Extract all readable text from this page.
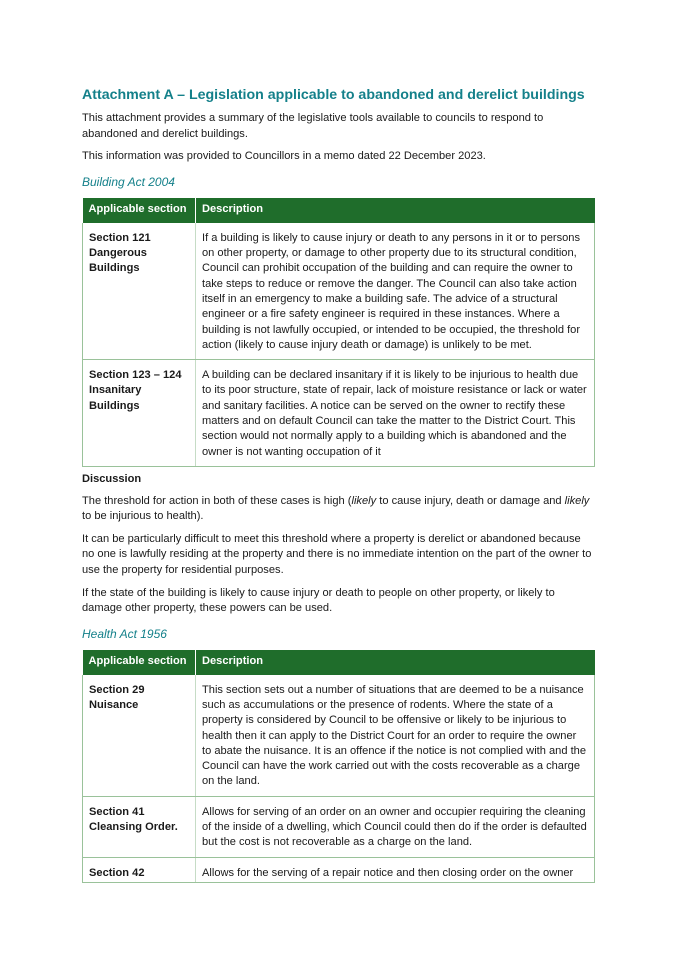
Attachment A – Legislation applicable to abandoned and derelict buildings

This attachment provides a summary of the legislative tools available to councils to respond to abandoned and derelict buildings.

This information was provided to Councillors in a memo dated 22 December 2023.

Building Act 2004

Applicable section	Description
Section 121 Dangerous Buildings	If a building is likely to cause injury or death to any persons in it or to persons on other property, or damage to other property due to its structural condition, Council can prohibit occupation of the building and can require the owner to take steps to reduce or remove the danger. The Council can also take action itself in an emergency to make a building safe. The advice of a structural engineer or a fire safety engineer is required in these instances. Where a building is not lawfully occupied, or intended to be occupied, the threshold for action (likely to cause injury death or damage) is unlikely to be met.
Section 123 – 124 Insanitary Buildings	A building can be declared insanitary if it is likely to be injurious to health due to its poor structure, state of repair, lack of moisture resistance or lack or water and sanitary facilities. A notice can be served on the owner to rectify these matters and on default Council can take the matter to the District Court. This section would not normally apply to a building which is abandoned and the owner is not wanting occupation of it

Discussion

The threshold for action in both of these cases is high (likely to cause injury, death or damage and likely to be injurious to health).

It can be particularly difficult to meet this threshold where a property is derelict or abandoned because no one is lawfully residing at the property and there is no immediate intention on the part of the owner to use the property for residential purposes.

If the state of the building is likely to cause injury or death to people on other property, or likely to damage other property, these powers can be used.

Health Act 1956

Applicable section	Description
Section 29 Nuisance	This section sets out a number of situations that are deemed to be a nuisance such as accumulations or the presence of rodents. Where the state of a property is considered by Council to be offensive or likely to be injurious to health then it can apply to the District Court for an order to require the owner to abate the nuisance. It is an offence if the notice is not complied with and the Council can have the work carried out with the costs recoverable as a charge on the land.
Section 41 Cleansing Order.	Allows for serving of an order on an owner and occupier requiring the cleaning of the inside of a dwelling, which Council could then do if the order is defaulted but the cost is not recoverable as a charge on the land.
Section 42	Allows for the serving of a repair notice and then closing order on the owner
